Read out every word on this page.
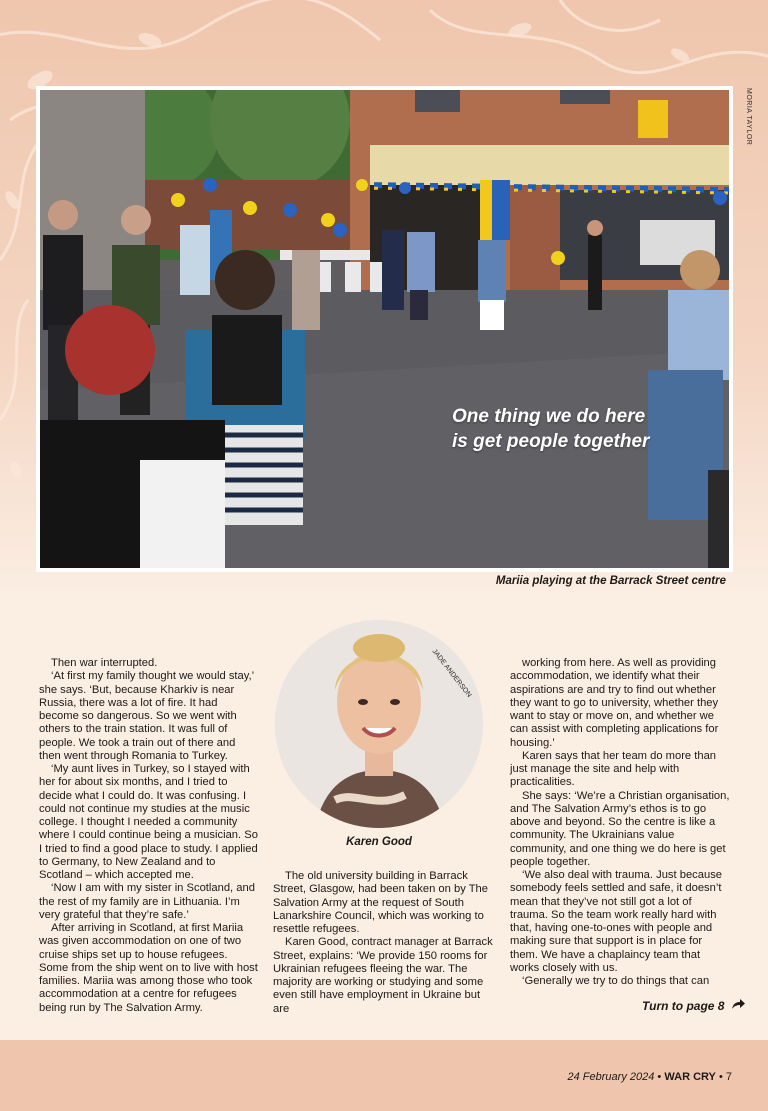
MORIA TAYLOR
One thing we do here is get people together
Mariia playing at the Barrack Street centre

Then war interrupted.

‘At first my family thought we would stay,’ she says. ‘But, because Kharkiv is near Russia, there was a lot of fire. It had become so dangerous. So we went with others to the train station. It was full of people. We took a train out of there and then went through Romania to Turkey.

‘My aunt lives in Turkey, so I stayed with her for about six months, and I tried to decide what I could do. It was confusing. I could not continue my studies at the music college. I thought I needed a community where I could continue being a musician. So I tried to find a good place to study. I applied to Germany, to New Zealand and to Scotland – which accepted me.

‘Now I am with my sister in Scotland, and the rest of my family are in Lithuania. I’m very grateful that they’re safe.’

After arriving in Scotland, at first Mariia was given accommodation on one of two cruise ships set up to house refugees. Some from the ship went on to live with host families. Mariia was among those who took accommodation at a centre for refugees being run by The Salvation Army.

JADE ANDERSON
Karen Good

The old university building in Barrack Street, Glasgow, had been taken on by The Salvation Army at the request of South Lanarkshire Council, which was working to resettle refugees.

Karen Good, contract manager at Barrack Street, explains: ‘We provide 150 rooms for Ukrainian refugees fleeing the war. The majority are working or studying and some even still have employment in Ukraine but are

working from here. As well as providing accommodation, we identify what their aspirations are and try to find out whether they want to go to university, whether they want to stay or move on, and whether we can assist with completing applications for housing.’

Karen says that her team do more than just manage the site and help with practicalities.

She says: ‘We’re a Christian organisation, and The Salvation Army’s ethos is to go above and beyond. So the centre is like a community. The Ukrainians value community, and one thing we do here is get people together.

‘We also deal with trauma. Just because somebody feels settled and safe, it doesn’t mean that they’ve not still got a lot of trauma. So the team work really hard with that, having one-to-ones with people and making sure that support is in place for them. We have a chaplaincy team that works closely with us.

‘Generally we try to do things that can

Turn to page 8
24 February 2024 • WAR CRY • 7
